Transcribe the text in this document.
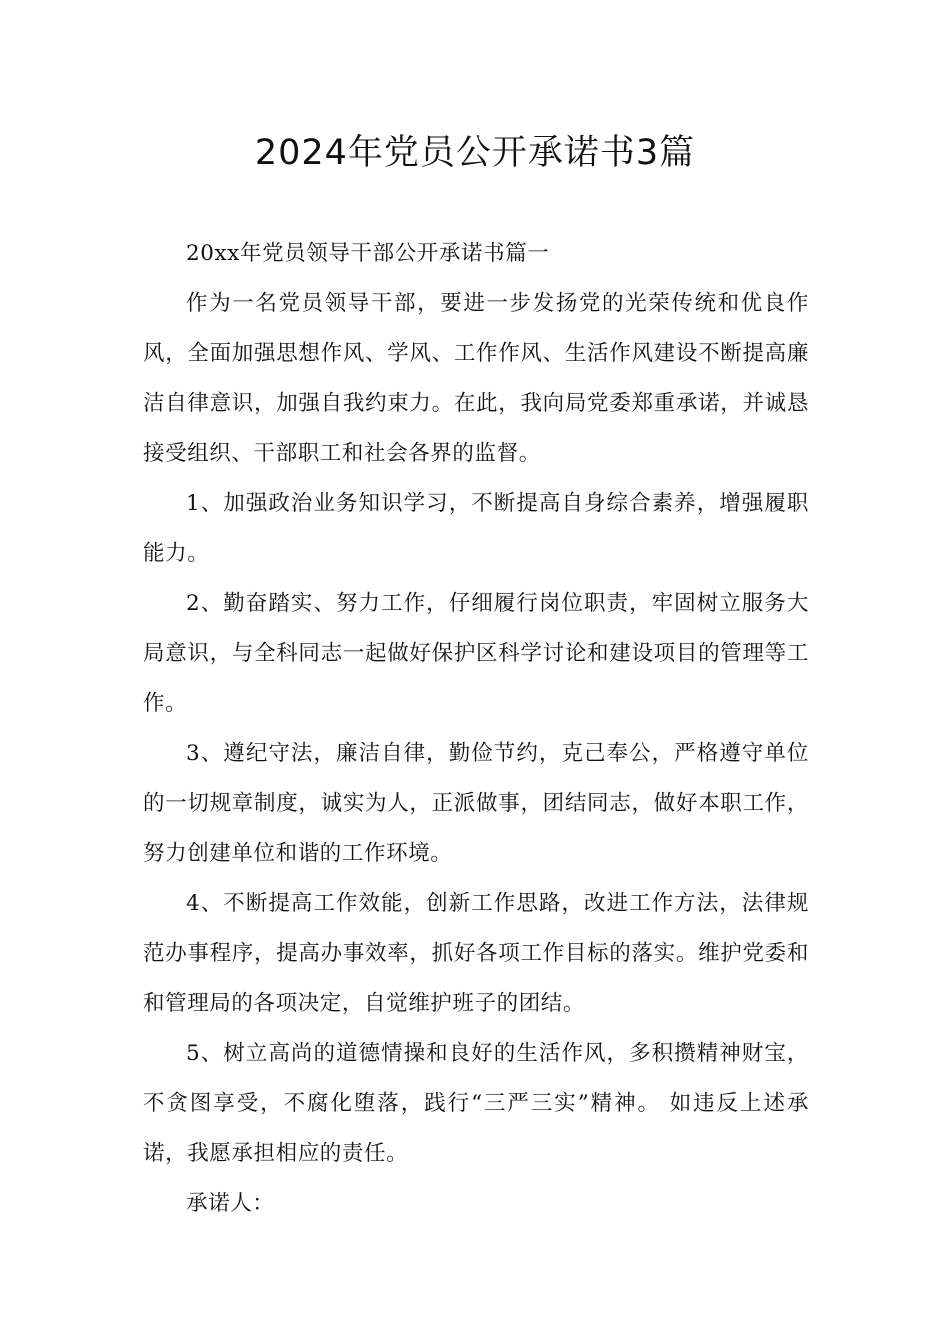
2024年党员公开承诺书3篇

20xx年党员领导干部公开承诺书篇一

作为一名党员领导干部，要进一步发扬党的光荣传统和优良作风，全面加强思想作风、学风、工作作风、生活作风建设不断提高廉洁自律意识，加强自我约束力。在此，我向局党委郑重承诺，并诚恳接受组织、干部职工和社会各界的监督。

1、加强政治业务知识学习，不断提高自身综合素养，增强履职能力。

2、勤奋踏实、努力工作，仔细履行岗位职责，牢固树立服务大局意识，与全科同志一起做好保护区科学讨论和建设项目的管理等工作。

3、遵纪守法，廉洁自律，勤俭节约，克己奉公，严格遵守单位的一切规章制度，诚实为人，正派做事，团结同志，做好本职工作，努力创建单位和谐的工作环境。

4、不断提高工作效能，创新工作思路，改进工作方法，法律规范办事程序，提高办事效率，抓好各项工作目标的落实。维护党委和和管理局的各项决定，自觉维护班子的团结。

5、树立高尚的道德情操和良好的生活作风，多积攒精神财宝，不贪图享受，不腐化堕落，践行“三严三实”精神。 如违反上述承诺，我愿承担相应的责任。

承诺人：
